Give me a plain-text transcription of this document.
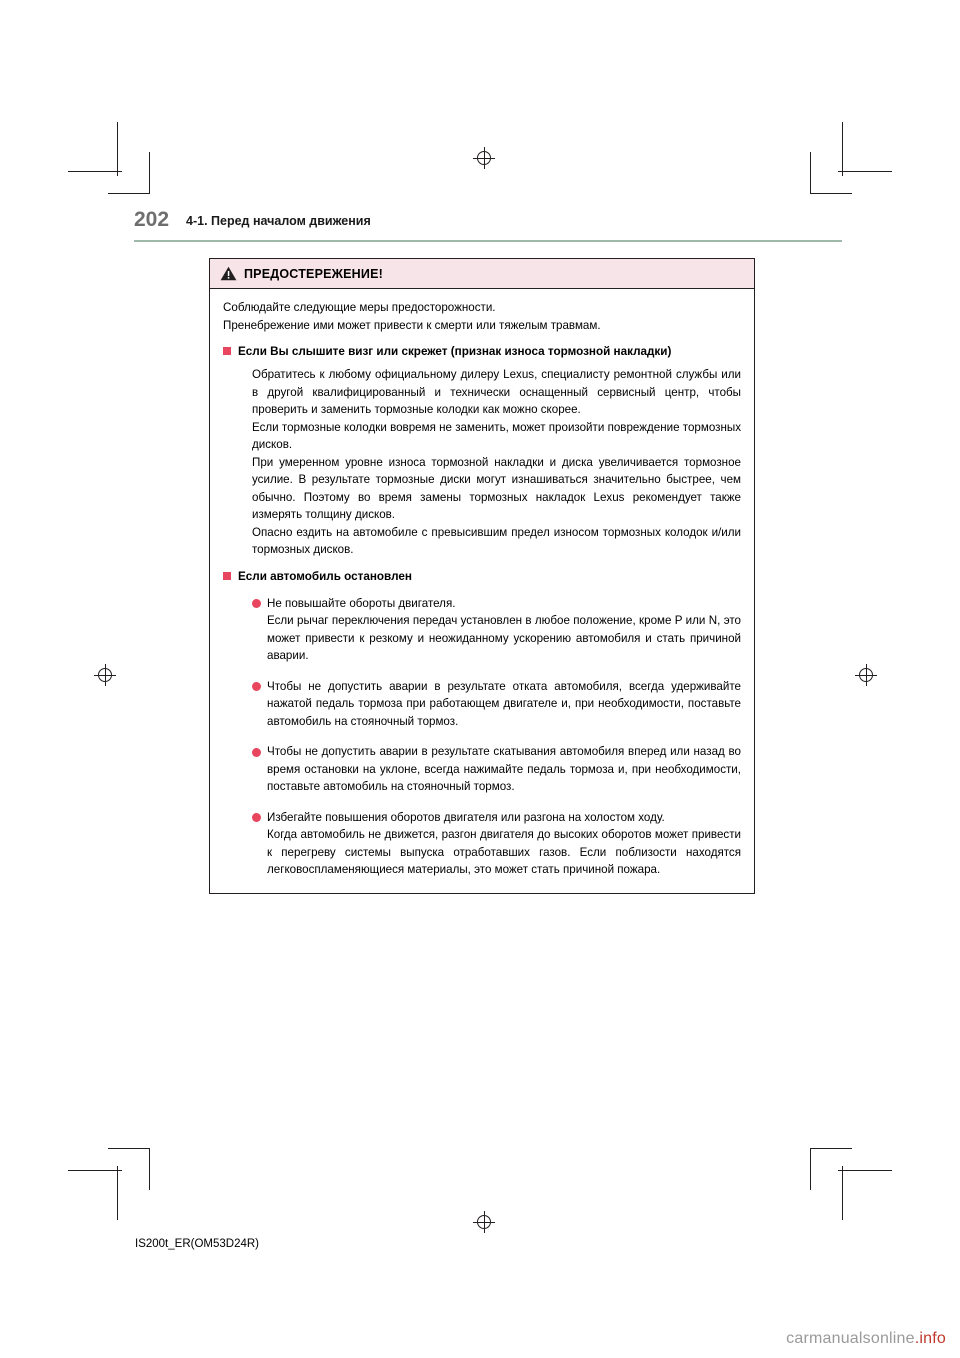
202 4-1. Перед началом движения
ПРЕДОСТЕРЕЖЕНИЕ!

Соблюдайте следующие меры предосторожности.

Пренебрежение ими может привести к смерти или тяжелым травмам.

Если Вы слышите визг или скрежет (признак износа тормозной накладки)

Обратитесь к любому официальному дилеру Lexus, специалисту ремонтной службы или в другой квалифицированный и технически оснащенный сервисный центр, чтобы проверить и заменить тормозные колодки как можно скорее.

Если тормозные колодки вовремя не заменить, может произойти повреждение тормозных дисков.

При умеренном уровне износа тормозной накладки и диска увеличивается тормозное усилие. В результате тормозные диски могут изнашиваться значительно быстрее, чем обычно. Поэтому во время замены тормозных накладок Lexus рекомендует также измерять толщину дисков.

Опасно ездить на автомобиле с превысившим предел износом тормозных колодок и/или тормозных дисков.

Если автомобиль остановлен

Не повышайте обороты двигателя.

Если рычаг переключения передач установлен в любое положение, кроме P или N, это может привести к резкому и неожиданному ускорению автомобиля и стать причиной аварии.

Чтобы не допустить аварии в результате отката автомобиля, всегда удерживайте нажатой педаль тормоза при работающем двигателе и, при необходимости, поставьте автомобиль на стояночный тормоз.

Чтобы не допустить аварии в результате скатывания автомобиля вперед или назад во время остановки на уклоне, всегда нажимайте педаль тормоза и, при необходимости, поставьте автомобиль на стояночный тормоз.

Избегайте повышения оборотов двигателя или разгона на холостом ходу.

Когда автомобиль не движется, разгон двигателя до высоких оборотов может привести к перегреву системы выпуска отработавших газов. Если поблизости находятся легковоспламеняющиеся материалы, это может стать причиной пожара.

IS200t_ER(OM53D24R)
carmanualsonline.info
